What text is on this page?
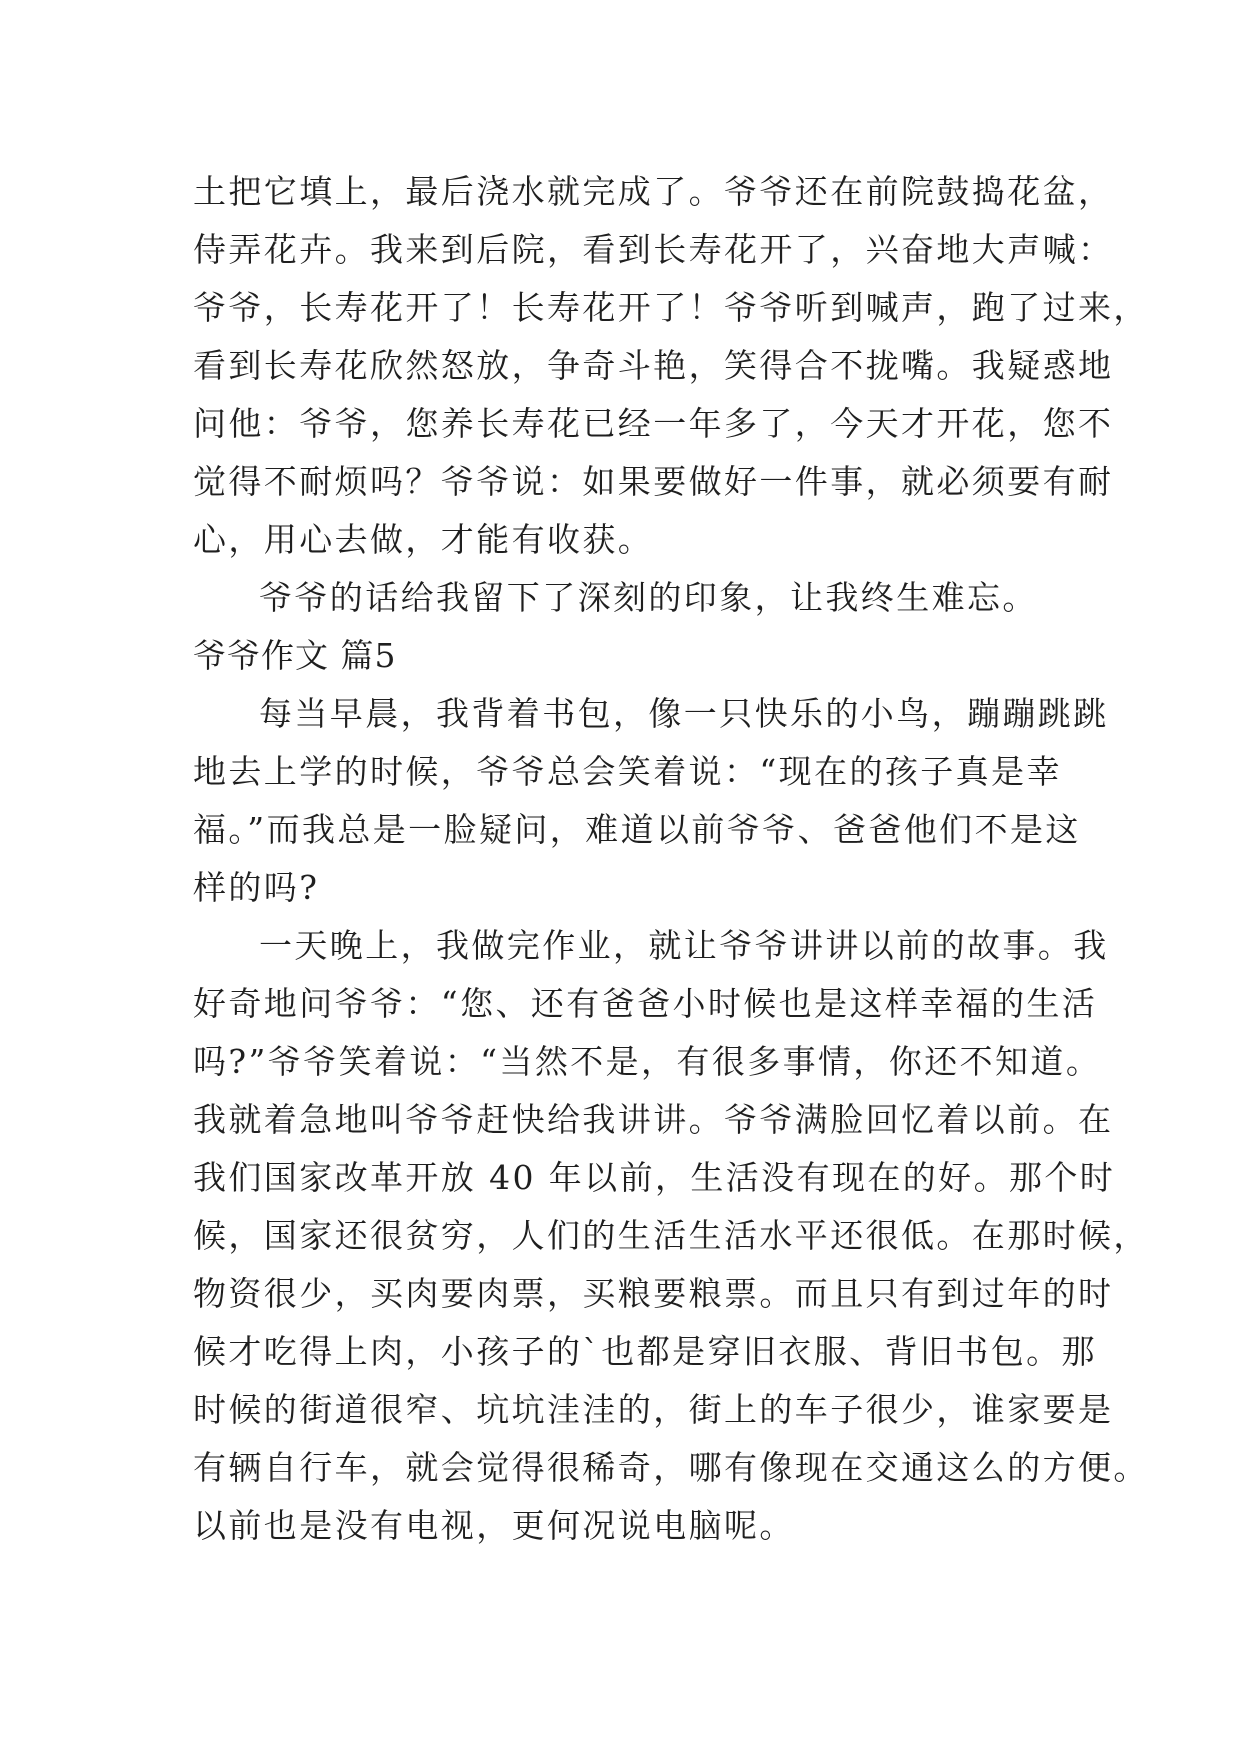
土把它填上，最后浇水就完成了。爷爷还在前院鼓捣花盆，
侍弄花卉。我来到后院，看到长寿花开了，兴奋地大声喊：
爷爷，长寿花开了！长寿花开了！爷爷听到喊声，跑了过来，
看到长寿花欣然怒放，争奇斗艳，笑得合不拢嘴。我疑惑地
问他：爷爷，您养长寿花已经一年多了，今天才开花，您不
觉得不耐烦吗？爷爷说：如果要做好一件事，就必须要有耐
心，用心去做，才能有收获。
爷爷的话给我留下了深刻的印象，让我终生难忘。
爷爷作文 篇5
每当早晨，我背着书包，像一只快乐的小鸟，蹦蹦跳跳
地去上学的时候，爷爷总会笑着说：“现在的孩子真是幸
福。”而我总是一脸疑问，难道以前爷爷、爸爸他们不是这
样的吗?
一天晚上，我做完作业，就让爷爷讲讲以前的故事。我
好奇地问爷爷：“您、还有爸爸小时候也是这样幸福的生活
吗?”爷爷笑着说：“当然不是，有很多事情，你还不知道。
我就着急地叫爷爷赶快给我讲讲。爷爷满脸回忆着以前。在
我们国家改革开放 40 年以前，生活没有现在的好。那个时
候，国家还很贫穷，人们的生活生活水平还很低。在那时候，
物资很少，买肉要肉票，买粮要粮票。而且只有到过年的时
候才吃得上肉，小孩子的`也都是穿旧衣服、背旧书包。那
时候的街道很窄、坑坑洼洼的，街上的车子很少，谁家要是
有辆自行车，就会觉得很稀奇，哪有像现在交通这么的方便。
以前也是没有电视，更何况说电脑呢。
